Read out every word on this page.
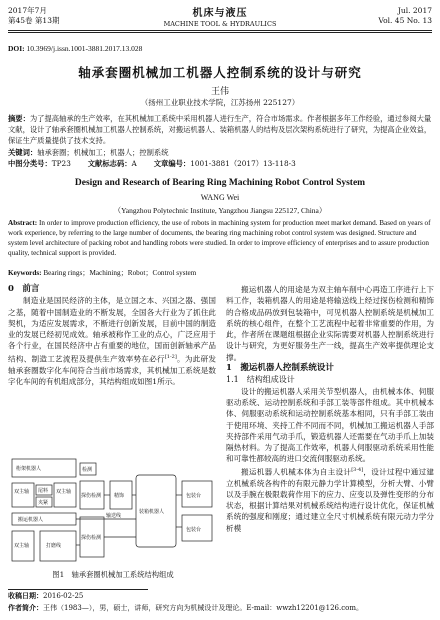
2017年7月
第45卷 第13期
机床与液压
MACHINE TOOL & HYDRAULICS
Jul. 2017
Vol. 45 No. 13
DOI: 10.3969/j.issn.1001-3881.2017.13.028
轴承套圈机械加工机器人控制系统的设计与研究
王伟
（扬州工业职业技术学院，江苏扬州 225127）
摘要：为了提高轴承的生产效率，在其机械加工系统中采用机器人进行生产，符合市场需求。作者根据多年工作经验，通过参阅大量文献，设计了轴承套圈机械加工机器人控制系统，对搬运机器人、装箱机器人的结构及层次架构系统进行了研究，为提高企业效益，保证生产质量提供了技术支持。
关键词：轴承套圈；机械加工；机器人；控制系统
中图分类号：TP23    文献标志码：A    文章编号：1001-3881（2017）13-118-3
Design and Research of Bearing Ring Machining Robot Control System
WANG Wei
（Yangzhou Polytechnic Institute, Yangzhou Jiangsu 225127, China）
Abstract: In order to improve production efficiency, the use of robots in machining system for production meet market demand. Based on years of work experience, by referring to the large number of documents, the bearing ring machining robot control system was designed. Structure and system level architecture of packing robot and handling robots were studied. In order to improve efficiency of enterprises and to assure production quality, technical support is provided.
Keywords: Bearing rings；Machining；Robot；Control system
0　前言

制造业是国民经济的主体，是立国之本、兴国之器、强国之基，随着中国制造业的不断发展，全国各大行业为了抓住此契机，为适应发展需求，不断进行创新发展，目前中国的制造业的发展已经初见成效。轴承被称作工业的点心，广泛应用于各个行业，在国民经济中占有重要的地位，国而创新轴承产品结构、制造工艺流程及提供生产效率势在必行[1-2]。为此研发轴承套圈数字化车间符合当前市场需求，其机械加工系统是数字化车间的有机组成部分，其结构组成如图1所示。

桁架机器人
双主轴	双主轴
尾料
夹紧
检测
搬运机器人
双主轴	打磨线
探伤检测	精饰
探伤检测
装箱机器人
包装台
包装台
输送线
图1　轴承套圈机械加工系统结构组成

搬运机器人的用途是为双主轴车削中心再造工序进行上下料工作，装箱机器人的用途是将输送线上经过探伤检测和精饰的合格成品码放到包装箱中，可见机器人控制系统是机械加工系统的核心组件，在整个工艺流程中起着非常重要的作用，为此，作者所在课题组根据企业实际需要对机器人控制系统进行设计与研究，为更好服务生产一线，提高生产效率提供理论支撑。

1　搬运机器人控制系统设计
1.1　结构组成设计

设计的搬运机器人采用关节型机器人，由机械本体、伺服驱动系统、运动控制系统和手部工装等部件组成。其中机械本体、伺服驱动系统和运动控制系统基本相同，只有手部工装由于使用环境、夹持工件不同而不同，机械加工搬运机器人手部夹持部件采用气动手爪，锻造机器人还需要在气动手爪上加装隔热材料。为了提高工作效率，机器人伺服驱动系统采用性能和可靠性都较高的进口交流伺服驱动系统。

搬运机器人机械本体为自主设计[3-4]，设计过程中通过建立机械系统各构件的有限元静力学计算模型，分析大臂、小臂以及手腕在极限载荷作用下的应力、应变以及弹性变形的分布状态，根据计算结果对机械系统结构进行设计优化，保证机械系统的强度和刚度；通过建立全尺寸机械系统有限元动力学分析模

收稿日期：2016-02-25
作者简介：王伟（1983—），男，硕士，讲师，研究方向为机械设计及理论。E-mail：wwzh12201@126.com。
